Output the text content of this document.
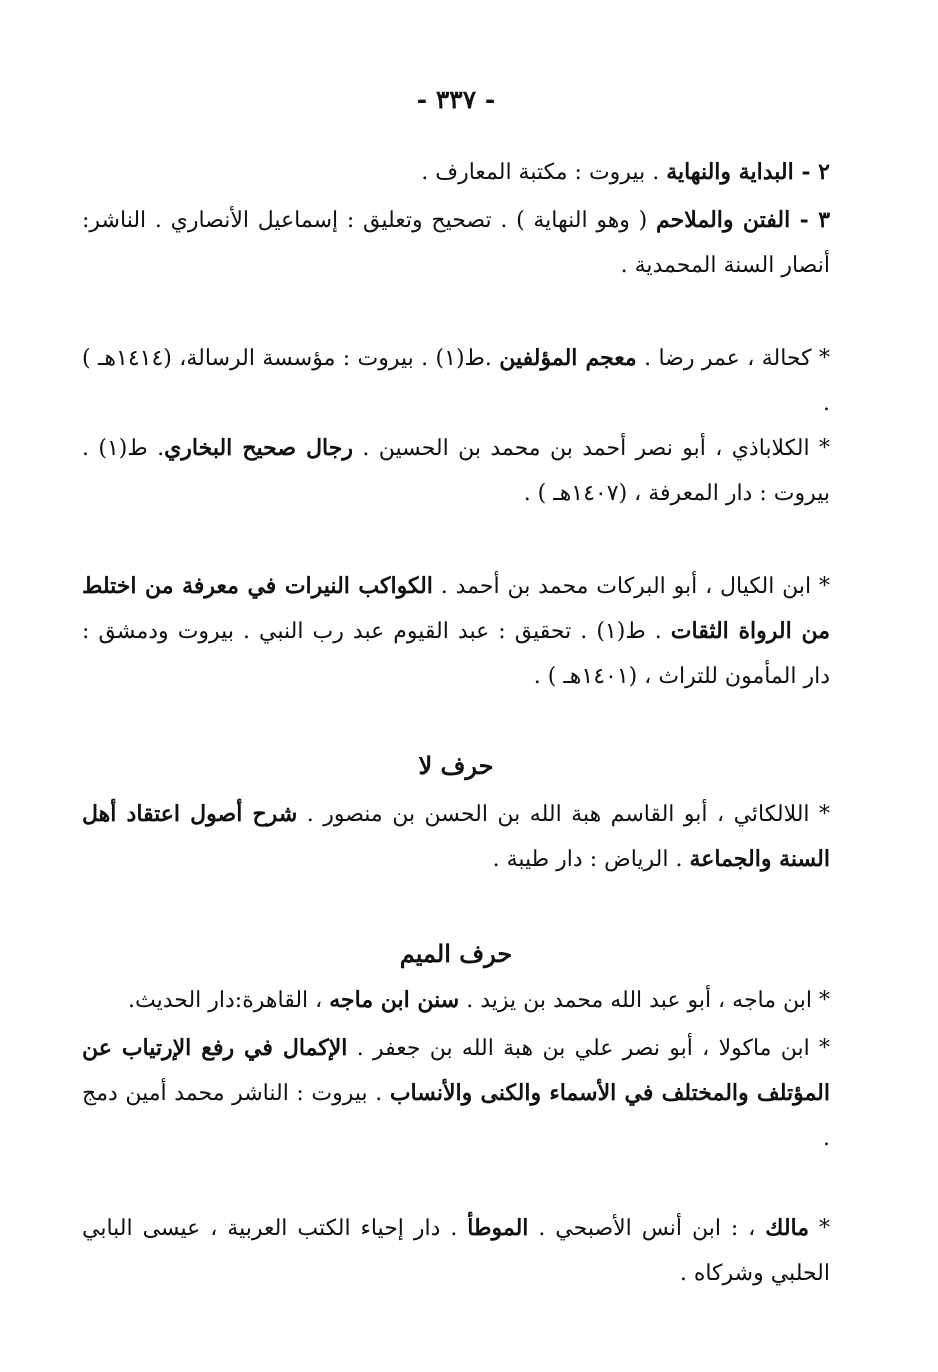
- ٣٣٧ -
٢ - البداية والنهاية . بيروت : مكتبة المعارف .
٣ - الفتن والملاحم ( وهو النهاية ) . تصحيح وتعليق : إسماعيل الأنصاري . الناشر: أنصار السنة المحمدية .
* كحالة ، عمر رضا . معجم المؤلفين .ط(١) . بيروت : مؤسسة الرسالة، (١٤١٤هـ ) .
* الكلاباذي ، أبو نصر أحمد بن محمد بن الحسين . رجال صحيح البخاري. ط(١) . بيروت : دار المعرفة ، (١٤٠٧هـ ) .
* ابن الكيال ، أبو البركات محمد بن أحمد . الكواكب النيرات في معرفة من اختلط من الرواة الثقات . ط(١) . تحقيق : عبد القيوم عبد رب النبي . بيروت ودمشق : دار المأمون للتراث ، (١٤٠١هـ ) .
حرف لا
* اللالكائي ، أبو القاسم هبة الله بن الحسن بن منصور . شرح أصول اعتقاد أهل السنة والجماعة . الرياض : دار طيبة .
حرف الميم
* ابن ماجه ، أبو عبد الله محمد بن يزيد . سنن ابن ماجه ، القاهرة:دار الحديث.
* ابن ماكولا ، أبو نصر علي بن هبة الله بن جعفر . الإكمال في رفع الإرتياب عن المؤتلف والمختلف في الأسماء والكنى والأنساب . بيروت : الناشر محمد أمين دمج .
* مالك ، : ابن أنس الأصبحي . الموطأ . دار إحياء الكتب العربية ، عيسى البابي الحلبي وشركاه .
